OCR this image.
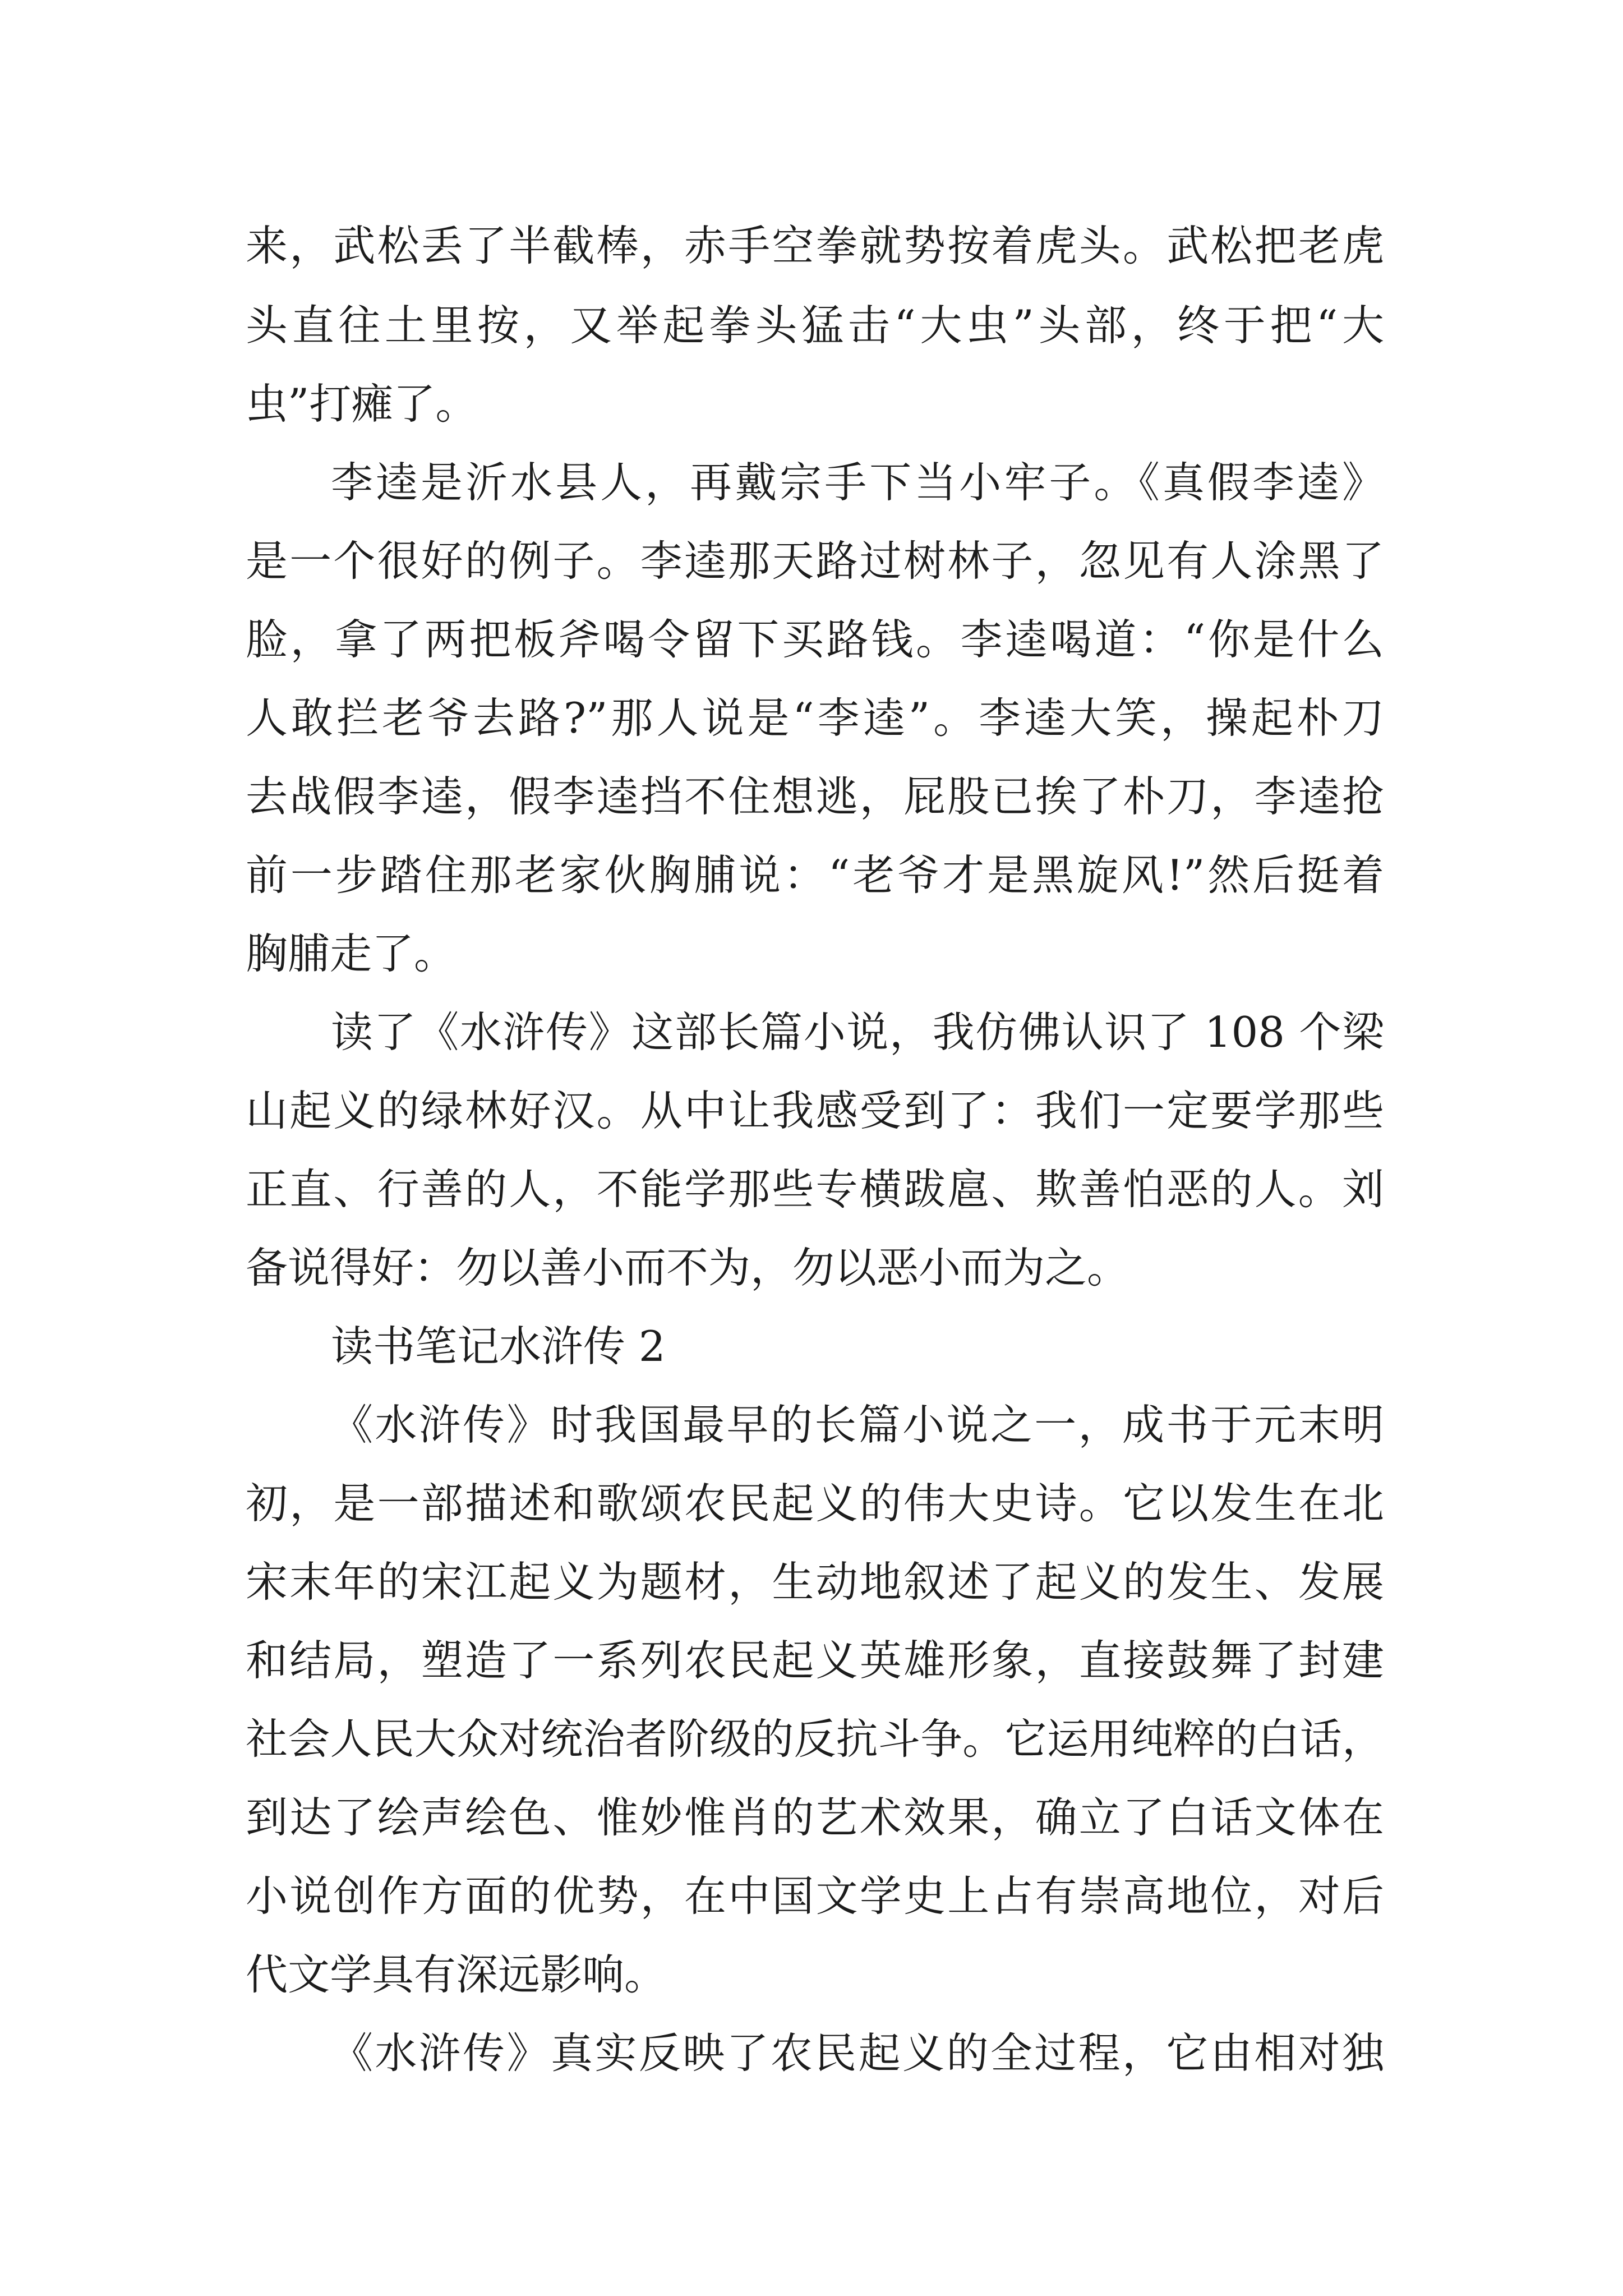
来，武松丢了半截棒，赤手空拳就势按着虎头。武松把老虎
头直往土里按，又举起拳头猛击“大虫”头部，终于把“大
虫”打瘫了。
李逵是沂水县人，再戴宗手下当小牢子。《真假李逵》
是一个很好的例子。李逵那天路过树林子，忽见有人涂黑了
脸，拿了两把板斧喝令留下买路钱。李逵喝道：“你是什么
人敢拦老爷去路?”那人说是“李逵”。李逵大笑，操起朴刀
去战假李逵，假李逵挡不住想逃，屁股已挨了朴刀，李逵抢
前一步踏住那老家伙胸脯说：“老爷才是黑旋风!”然后挺着
胸脯走了。
读了《水浒传》这部长篇小说，我仿佛认识了 108 个梁
山起义的绿林好汉。从中让我感受到了：我们一定要学那些
正直、行善的人，不能学那些专横跋扈、欺善怕恶的人。刘
备说得好：勿以善小而不为，勿以恶小而为之。
读书笔记水浒传 2
《水浒传》时我国最早的长篇小说之一，成书于元末明
初，是一部描述和歌颂农民起义的伟大史诗。它以发生在北
宋末年的宋江起义为题材，生动地叙述了起义的发生、发展
和结局，塑造了一系列农民起义英雄形象，直接鼓舞了封建
社会人民大众对统治者阶级的反抗斗争。它运用纯粹的白话，
到达了绘声绘色、惟妙惟肖的艺术效果，确立了白话文体在
小说创作方面的优势，在中国文学史上占有崇高地位，对后
代文学具有深远影响。
《水浒传》真实反映了农民起义的全过程，它由相对独
